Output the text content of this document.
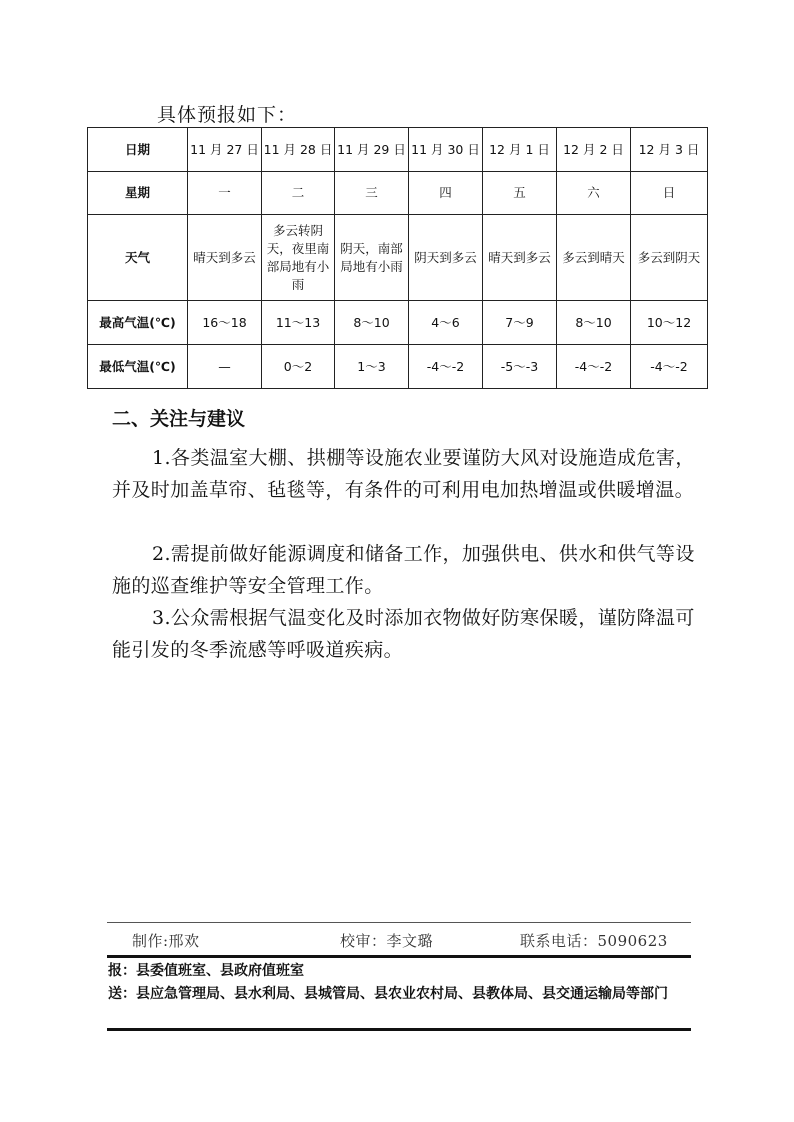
具体预报如下：
日期	11 月 27 日	11 月 28 日	11 月 29 日	11 月 30 日	12 月 1 日	12 月 2 日	12 月 3 日
星期	一	二	三	四	五	六	日
天气	晴天到多云	多云转阴天，夜里南部局地有小雨	阴天，南部局地有小雨	阴天到多云	晴天到多云	多云到晴天	多云到阴天
最高气温(℃)	16～18	11～13	8～10	4～6	7～9	8～10	10～12
最低气温(℃)	—	0～2	1～3	-4～-2	-5～-3	-4～-2	-4～-2
二、关注与建议
1.各类温室大棚、拱棚等设施农业要谨防大风对设施造成危害，并及时加盖草帘、毡毯等，有条件的可利用电加热增温或供暖增温。
2.需提前做好能源调度和储备工作，加强供电、供水和供气等设施的巡查维护等安全管理工作。
3.公众需根据气温变化及时添加衣物做好防寒保暖，谨防降温可能引发的冬季流感等呼吸道疾病。
制作:邢欢	校审：李文璐	联系电话：5090623
报：县委值班室、县政府值班室
送：县应急管理局、县水利局、县城管局、县农业农村局、县教体局、县交通运输局等部门
